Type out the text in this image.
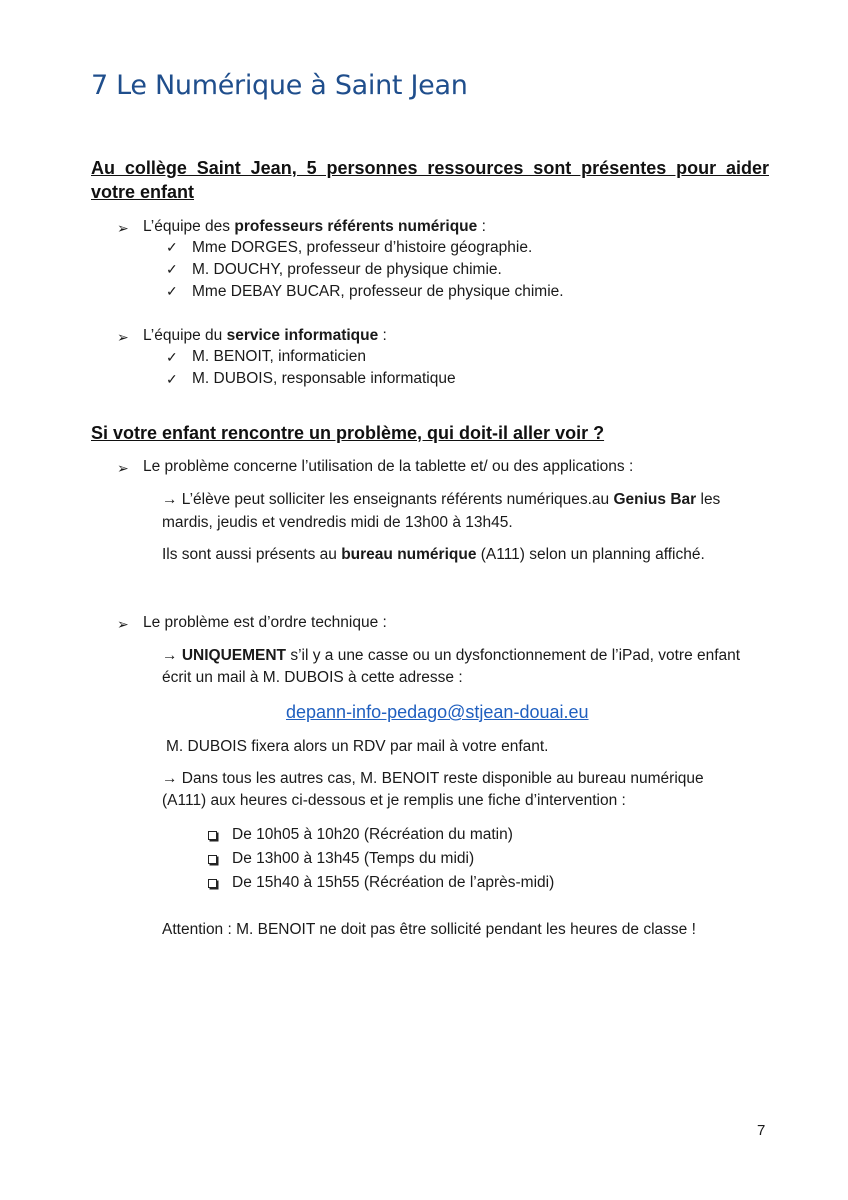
7 Le Numérique à Saint Jean
Au collège Saint Jean, 5 personnes ressources sont présentes pour aider votre enfant
➢ L’équipe des professeurs référents numérique :
✓ Mme DORGES, professeur d’histoire géographie.
✓ M. DOUCHY, professeur de physique chimie.
✓ Mme DEBAY BUCAR, professeur de physique chimie.
➢ L’équipe du service informatique :
✓ M. BENOIT, informaticien
✓ M. DUBOIS, responsable informatique
Si votre enfant rencontre un problème, qui doit-il aller voir ?
➢ Le problème concerne l’utilisation de la tablette et/ ou des applications :
→ L’élève peut solliciter les enseignants référents numériques.au Genius Bar les
mardis, jeudis et vendredis midi de 13h00 à 13h45.
Ils sont aussi présents au bureau numérique (A111) selon un planning affiché.
➢ Le problème est d’ordre technique :
→ UNIQUEMENT s’il y a une casse ou un dysfonctionnement de l’iPad, votre enfant
écrit un mail à M. DUBOIS à cette adresse :
depann-info-pedago@stjean-douai.eu
M. DUBOIS fixera alors un RDV par mail à votre enfant.
→ Dans tous les autres cas, M. BENOIT reste disponible au bureau numérique
(A111) aux heures ci-dessous et je remplis une fiche d’intervention :
De 10h05 à 10h20 (Récréation du matin)
De 13h00 à 13h45 (Temps du midi)
De 15h40 à 15h55 (Récréation de l’après-midi)
Attention : M. BENOIT ne doit pas être sollicité pendant les heures de classe !
7
